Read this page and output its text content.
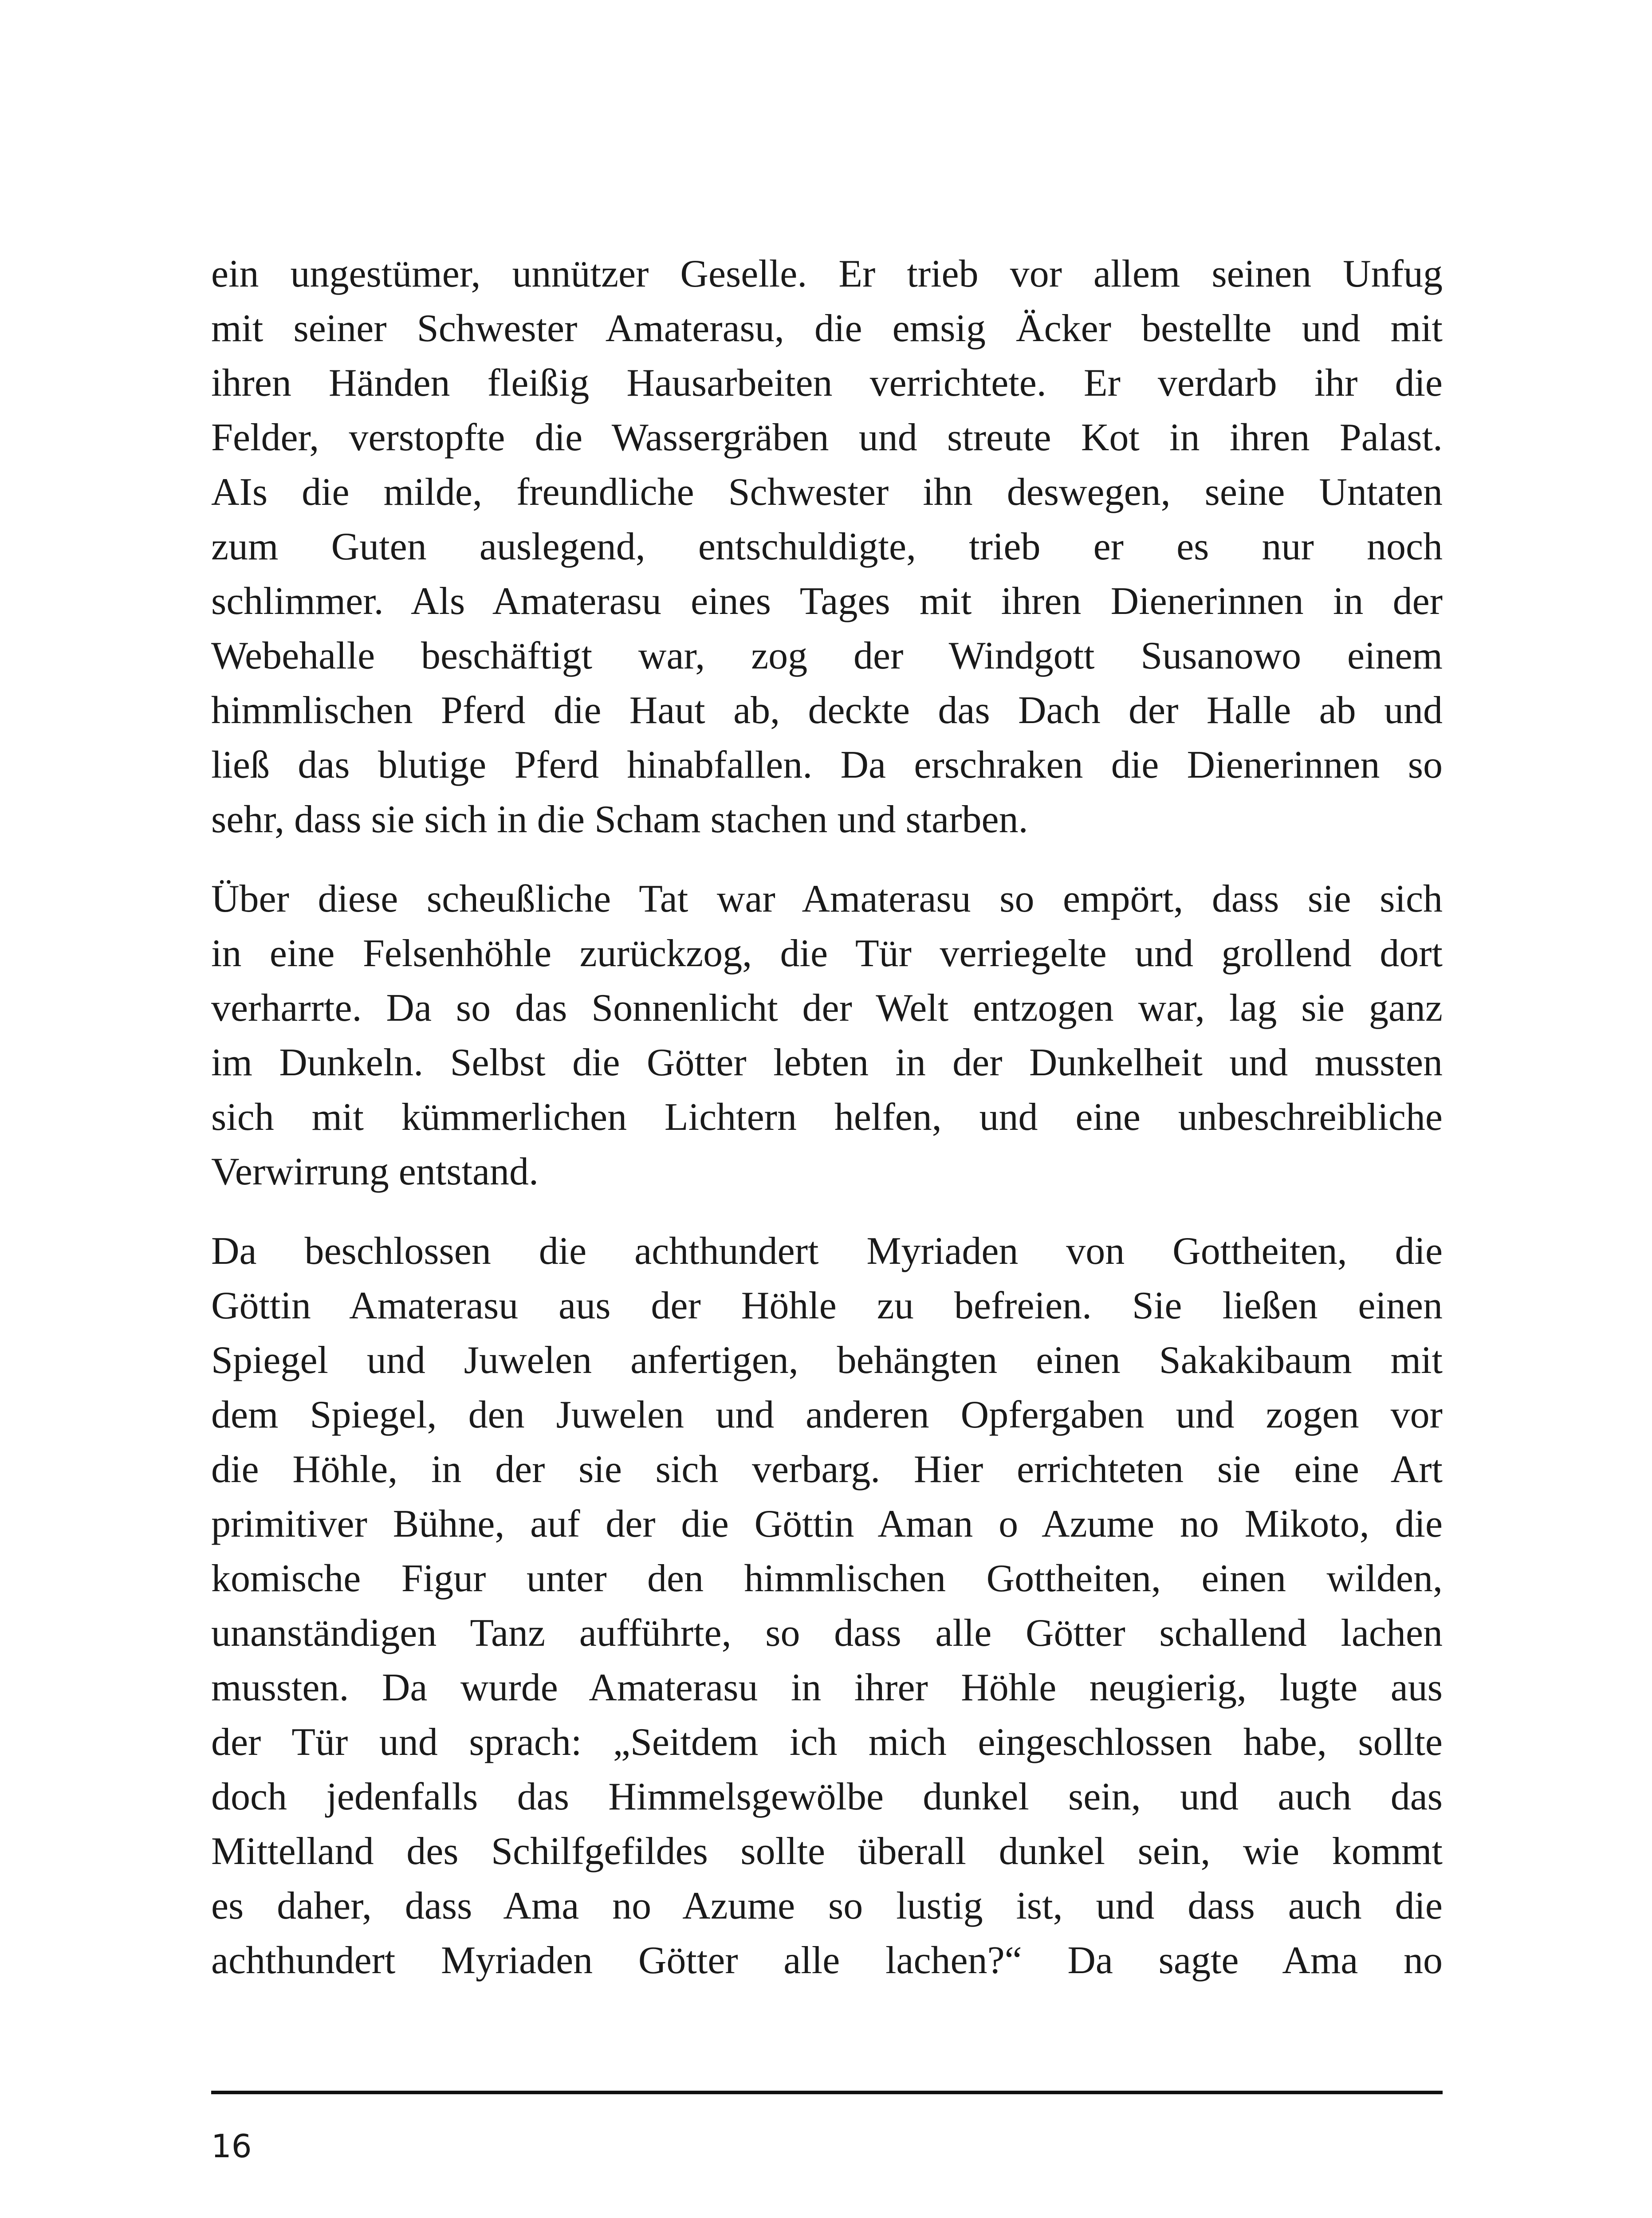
ein ungestümer, unnützer Geselle. Er trieb vor allem seinen Unfug
mit seiner Schwester Amaterasu, die emsig Äcker bestellte und mit
ihren Händen fleißig Hausarbeiten verrichtete. Er verdarb ihr die
Felder, verstopfte die Wassergräben und streute Kot in ihren Palast.
AIs die milde, freundliche Schwester ihn deswegen, seine Untaten
zum Guten auslegend, entschuldigte, trieb er es nur noch
schlimmer. Als Amaterasu eines Tages mit ihren Dienerinnen in der
Webehalle beschäftigt war, zog der Windgott Susanowo einem
himmlischen Pferd die Haut ab, deckte das Dach der Halle ab und
ließ das blutige Pferd hinabfallen. Da erschraken die Dienerinnen so
sehr, dass sie sich in die Scham stachen und starben.
Über diese scheußliche Tat war Amaterasu so empört, dass sie sich
in eine Felsenhöhle zurückzog, die Tür verriegelte und grollend dort
verharrte. Da so das Sonnenlicht der Welt entzogen war, lag sie ganz
im Dunkeln. Selbst die Götter lebten in der Dunkelheit und mussten
sich mit kümmerlichen Lichtern helfen, und eine unbeschreibliche
Verwirrung entstand.
Da beschlossen die achthundert Myriaden von Gottheiten, die
Göttin Amaterasu aus der Höhle zu befreien. Sie ließen einen
Spiegel und Juwelen anfertigen, behängten einen Sakakibaum mit
dem Spiegel, den Juwelen und anderen Opfergaben und zogen vor
die Höhle, in der sie sich verbarg. Hier errichteten sie eine Art
primitiver Bühne, auf der die Göttin Aman o Azume no Mikoto, die
komische Figur unter den himmlischen Gottheiten, einen wilden,
unanständigen Tanz aufführte, so dass alle Götter schallend lachen
mussten. Da wurde Amaterasu in ihrer Höhle neugierig, lugte aus
der Tür und sprach: „Seitdem ich mich eingeschlossen habe, sollte
doch jedenfalls das Himmelsgewölbe dunkel sein, und auch das
Mittelland des Schilfgefildes sollte überall dunkel sein, wie kommt
es daher, dass Ama no Azume so lustig ist, und dass auch die
achthundert Myriaden Götter alle lachen?“ Da sagte Ama no
16
